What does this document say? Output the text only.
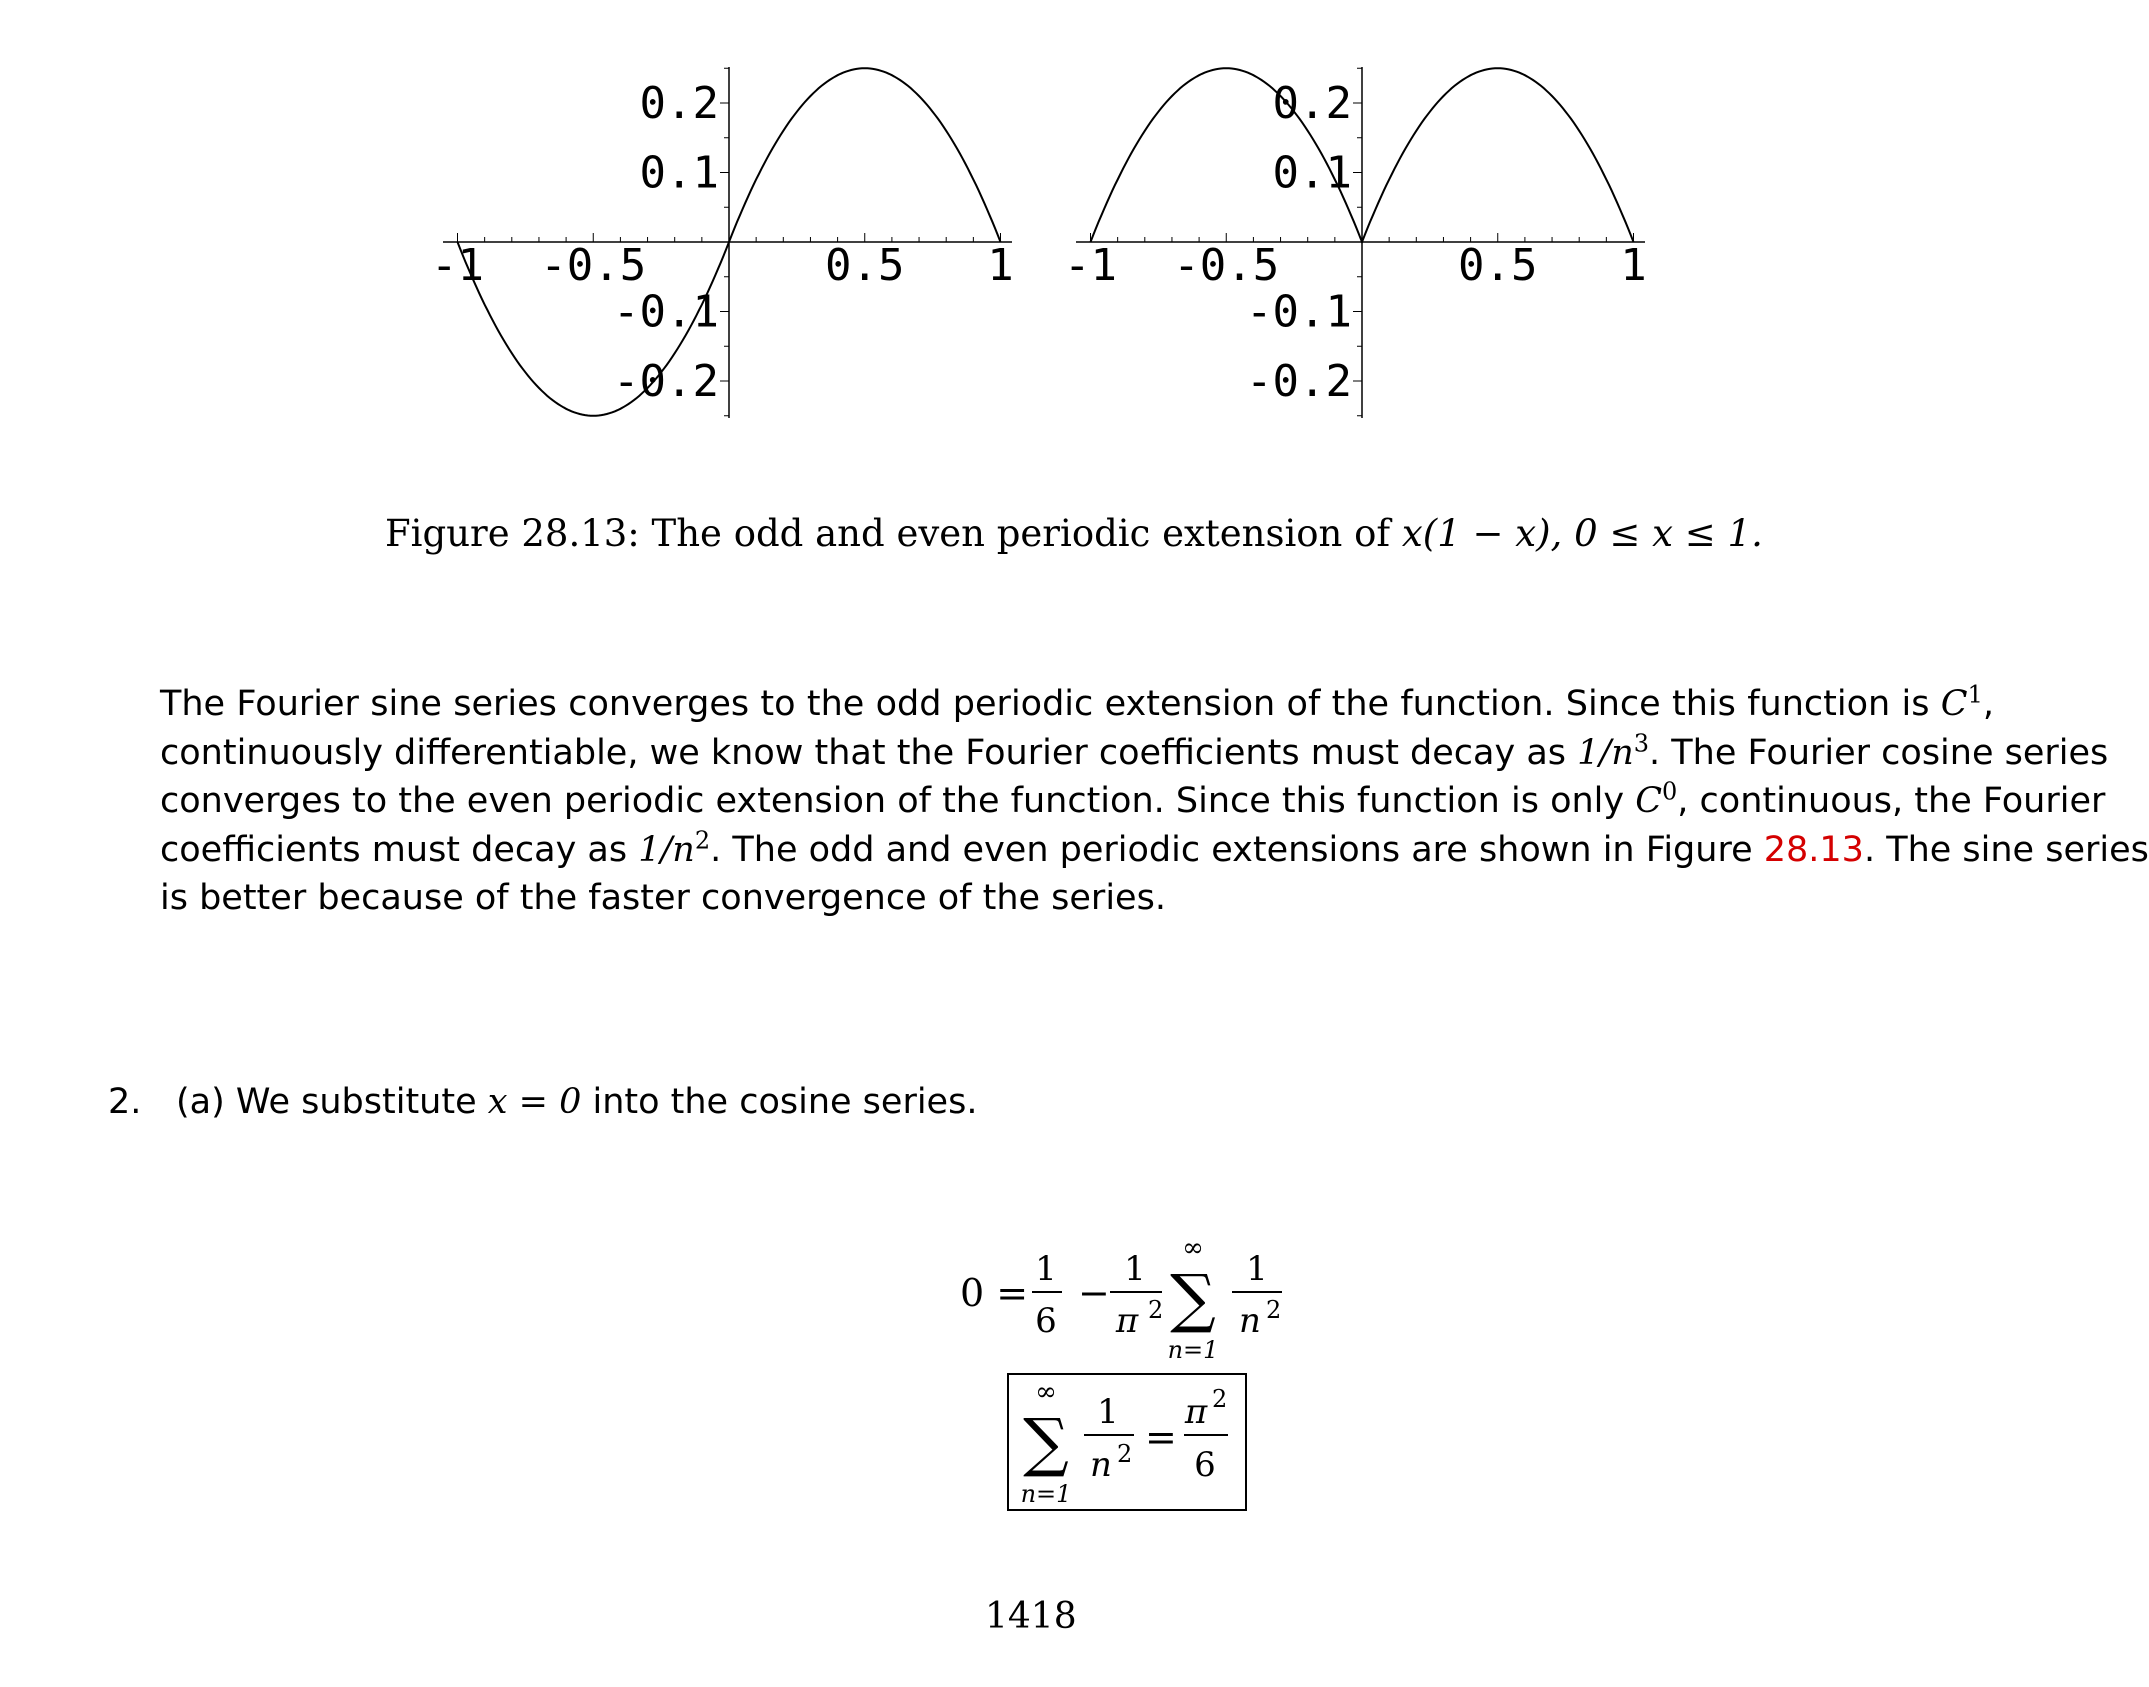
-1 -0.5	0.5 1
0.2
0.1
-0.1
-0.2
-1 -0.5	0.5 1
0.2
0.1
-0.1
-0.2
Figure 28.13: The odd and even periodic extension of x(1 − x), 0 ≤ x ≤ 1.
The Fourier sine series converges to the odd periodic extension of the function. Since this function is $C^1$,
continuously differentiable, we know that the Fourier coefficients must decay as $1/n^3$. The Fourier cosine series
converges to the even periodic extension of the function. Since this function is only $C^0$, continuous, the Fourier
coefficients must decay as $1/n^2$. The odd and even periodic extensions are shown in Figure 28.13. The sine series
is better because of the faster convergence of the series.
2. (a) We substitute x = 0 into the cosine series.
0 =
1
6
−
1
π 2
∞
∑
n=1
1
n 2
∞
∑
n=1
1
n 2 =
π 2
6
1418
